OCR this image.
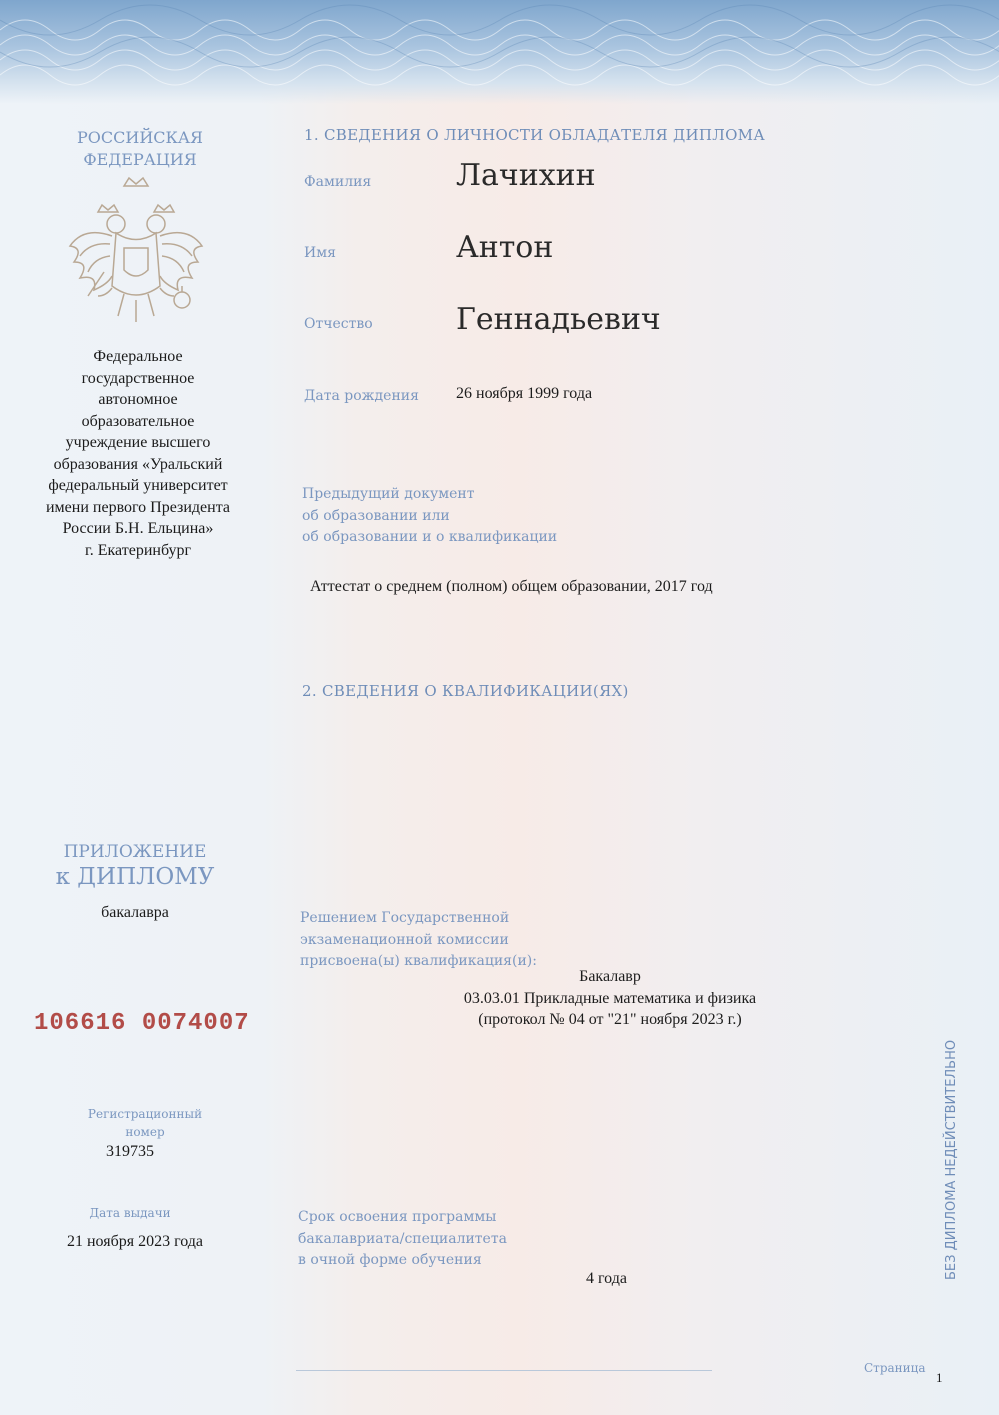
РОССИЙСКАЯ
ФЕДЕРАЦИЯ
Федеральное
государственное
автономное
образовательное
учреждение высшего
образования «Уральский
федеральный университет
имени первого Президента
России Б.Н. Ельцина»
г. Екатеринбург
ПРИЛОЖЕНИЕ
к ДИПЛОМУ
бакалавра
106616 0074007
Регистрационный
номер
319735
Дата выдачи
21 ноября 2023 года
1. СВЕДЕНИЯ О ЛИЧНОСТИ ОБЛАДАТЕЛЯ ДИПЛОМА
Фамилия	Лачихин
Имя	Антон
Отчество	Геннадьевич
Дата рождения 26 ноября 1999 года
Предыдущий документ
об образовании или
об образовании и о квалификации
Аттестат о среднем (полном) общем образовании, 2017 год
2. СВЕДЕНИЯ О КВАЛИФИКАЦИИ(ЯХ)
Решением Государственной
экзаменационной комиссии
присвоена(ы) квалификация(и):
Бакалавр
03.03.01 Прикладные математика и физика
(протокол № 04 от "21" ноября 2023 г.)
Срок освоения программы
бакалавриата/специалитета
в очной форме обучения
4 года
Страница
1
БЕЗ ДИПЛОМА НЕДЕЙСТВИТЕЛЬНО
